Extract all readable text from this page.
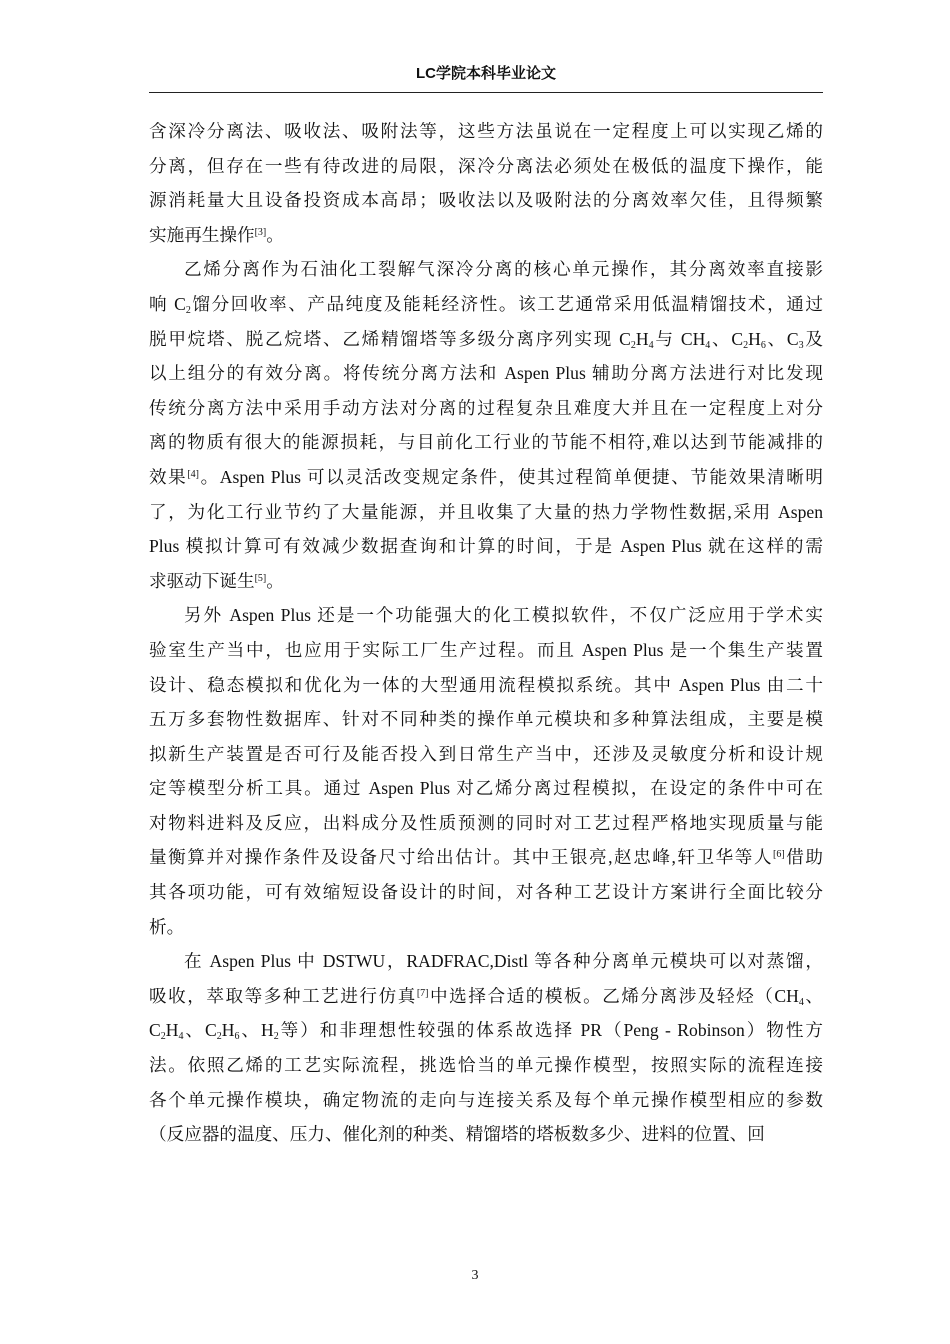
LC学院本科毕业论文
含深冷分离法、吸收法、吸附法等，这些方法虽说在一定程度上可以实现乙烯的
分离，但存在一些有待改进的局限，深冷分离法必须处在极低的温度下操作，能
源消耗量大且设备投资成本高昂；吸收法以及吸附法的分离效率欠佳，且得频繁
实施再生操作[3]。
乙烯分离作为石油化工裂解气深冷分离的核心单元操作，其分离效率直接影
响 $C_2$馏分回收率、产品纯度及能耗经济性。该工艺通常采用低温精馏技术，通过
脱甲烷塔、脱乙烷塔、乙烯精馏塔等多级分离序列实现 $C_2H_4$与 $CH_4$、$C_2H_6$、$C_3$及
以上组分的有效分离。将传统分离方法和 Aspen Plus 辅助分离方法进行对比发现
传统分离方法中采用手动方法对分离的过程复杂且难度大并且在一定程度上对分
离的物质有很大的能源损耗，与目前化工行业的节能不相符,难以达到节能减排的
效果[4]。Aspen Plus 可以灵活改变规定条件，使其过程简单便捷、节能效果清晰明
了，为化工行业节约了大量能源，并且收集了大量的热力学物性数据,采用 Aspen
Plus 模拟计算可有效减少数据查询和计算的时间，于是 Aspen Plus 就在这样的需
求驱动下诞生[5]。
另外 Aspen Plus 还是一个功能强大的化工模拟软件，不仅广泛应用于学术实
验室生产当中，也应用于实际工厂生产过程。而且 Aspen Plus 是一个集生产装置
设计、稳态模拟和优化为一体的大型通用流程模拟系统。其中 Aspen Plus 由二十
五万多套物性数据库、针对不同种类的操作单元模块和多种算法组成，主要是模
拟新生产装置是否可行及能否投入到日常生产当中，还涉及灵敏度分析和设计规
定等模型分析工具。通过 Aspen Plus 对乙烯分离过程模拟，在设定的条件中可在
对物料进料及反应，出料成分及性质预测的同时对工艺过程严格地实现质量与能
量衡算并对操作条件及设备尺寸给出估计。其中王银亮,赵忠峰,轩卫华等人[6]借助
其各项功能，可有效缩短设备设计的时间，对各种工艺设计方案讲行全面比较分
析。
在 Aspen Plus 中 DSTWU，RADFRAC,Distl 等各种分离单元模块可以对蒸馏，
吸收，萃取等多种工艺进行仿真[7]中选择合适的模板。乙烯分离涉及轻烃（$CH_4$、
$C_2H_4$、$C_2H_6$、$H_2$等）和非理想性较强的体系故选择 PR（Peng - Robinson）物性方
法。依照乙烯的工艺实际流程，挑选恰当的单元操作模型，按照实际的流程连接
各个单元操作模块，确定物流的走向与连接关系及每个单元操作模型相应的参数
（反应器的温度、压力、催化剂的种类、精馏塔的塔板数多少、进料的位置、回
3
